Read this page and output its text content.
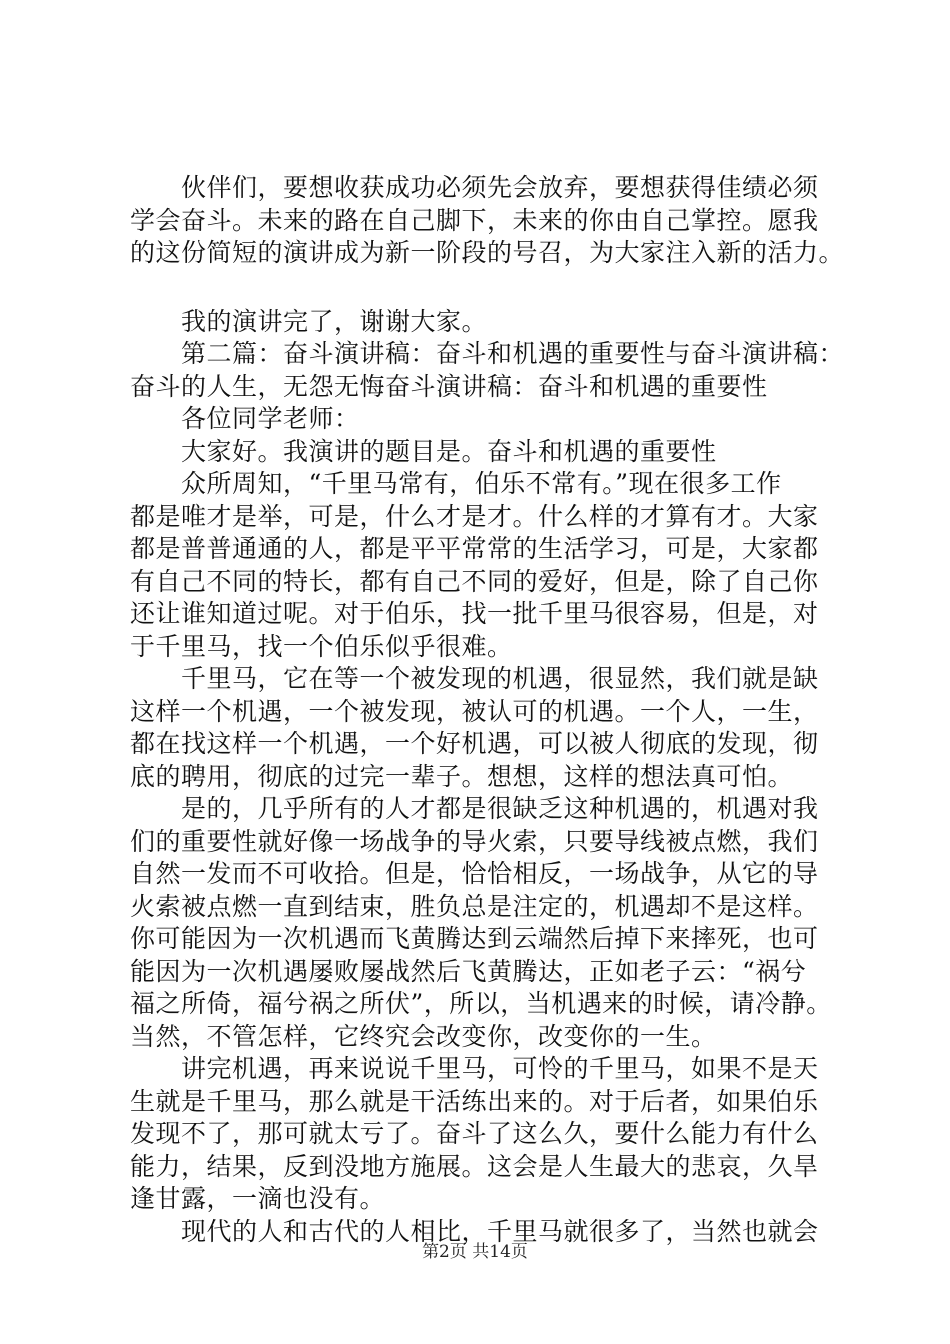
　　伙伴们，要想收获成功必须先会放弃，要想获得佳绩必须
学会奋斗。未来的路在自己脚下，未来的你由自己掌控。愿我
的这份简短的演讲成为新一阶段的号召，为大家注入新的活力。
　　我的演讲完了，谢谢大家。
　　第二篇：奋斗演讲稿：奋斗和机遇的重要性与奋斗演讲稿：
奋斗的人生，无怨无悔奋斗演讲稿：奋斗和机遇的重要性
　　各位同学老师：
　　大家好。我演讲的题目是。奋斗和机遇的重要性
　　众所周知，“千里马常有，伯乐不常有。”现在很多工作
都是唯才是举，可是，什么才是才。什么样的才算有才。大家
都是普普通通的人，都是平平常常的生活学习，可是，大家都
有自己不同的特长，都有自己不同的爱好，但是，除了自己你
还让谁知道过呢。对于伯乐，找一批千里马很容易，但是，对
于千里马，找一个伯乐似乎很难。
　　千里马，它在等一个被发现的机遇，很显然，我们就是缺
这样一个机遇，一个被发现，被认可的机遇。一个人，一生，
都在找这样一个机遇，一个好机遇，可以被人彻底的发现，彻
底的聘用，彻底的过完一辈子。想想，这样的想法真可怕。
　　是的，几乎所有的人才都是很缺乏这种机遇的，机遇对我
们的重要性就好像一场战争的导火索，只要导线被点燃，我们
自然一发而不可收拾。但是，恰恰相反，一场战争，从它的导
火索被点燃一直到结束，胜负总是注定的，机遇却不是这样。
你可能因为一次机遇而飞黄腾达到云端然后掉下来摔死，也可
能因为一次机遇屡败屡战然后飞黄腾达，正如老子云：“祸兮
福之所倚，福兮祸之所伏”，所以，当机遇来的时候，请冷静。
当然，不管怎样，它终究会改变你，改变你的一生。
　　讲完机遇，再来说说千里马，可怜的千里马，如果不是天
生就是千里马，那么就是干活练出来的。对于后者，如果伯乐
发现不了，那可就太亏了。奋斗了这么久，要什么能力有什么
能力，结果，反到没地方施展。这会是人生最大的悲哀，久旱
逢甘露，一滴也没有。
　　现代的人和古代的人相比，千里马就很多了，当然也就会
第2页 共14页
